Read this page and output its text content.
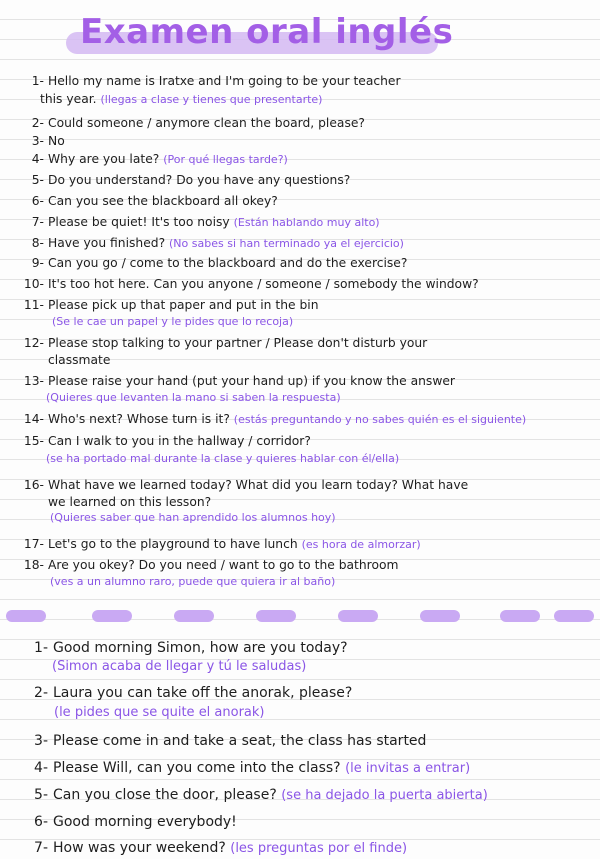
Examen oral inglés
1- Hello my name is Iratxe and I'm going to be your teacher
this year. (llegas a clase y tienes que presentarte)
2- Could someone / anymore clean the board, please?
3- No
4- Why are you late? (Por qué llegas tarde?)
5- Do you understand? Do you have any questions?
6- Can you see the blackboard all okey?
7- Please be quiet! It's too noisy (Están hablando muy alto)
8- Have you finished? (No sabes si han terminado ya el ejercicio)
9- Can you go / come to the blackboard and do the exercise?
10- It's too hot here. Can you anyone / someone / somebody the window?
11- Please pick up that paper and put in the bin
(Se le cae un papel y le pides que lo recoja)
12- Please stop talking to your partner / Please don't disturb your
classmate
13- Please raise your hand (put your hand up) if you know the answer
(Quieres que levanten la mano si saben la respuesta)
14- Who's next? Whose turn is it? (estás preguntando y no sabes quién es el siguiente)
15- Can I walk to you in the hallway / corridor?
(se ha portado mal durante la clase y quieres hablar con él/ella)
16- What have we learned today? What did you learn today? What have
we learned on this lesson?
(Quieres saber que han aprendido los alumnos hoy)
17- Let's go to the playground to have lunch (es hora de almorzar)
18- Are you okey? Do you need / want to go to the bathroom
(ves a un alumno raro, puede que quiera ir al baño)
1- Good morning Simon, how are you today?
(Simon acaba de llegar y tú le saludas)
2- Laura you can take off the anorak, please?
(le pides que se quite el anorak)
3- Please come in and take a seat, the class has started
4- Please Will, can you come into the class? (le invitas a entrar)
5- Can you close the door, please? (se ha dejado la puerta abierta)
6- Good morning everybody!
7- How was your weekend? (les preguntas por el finde)
